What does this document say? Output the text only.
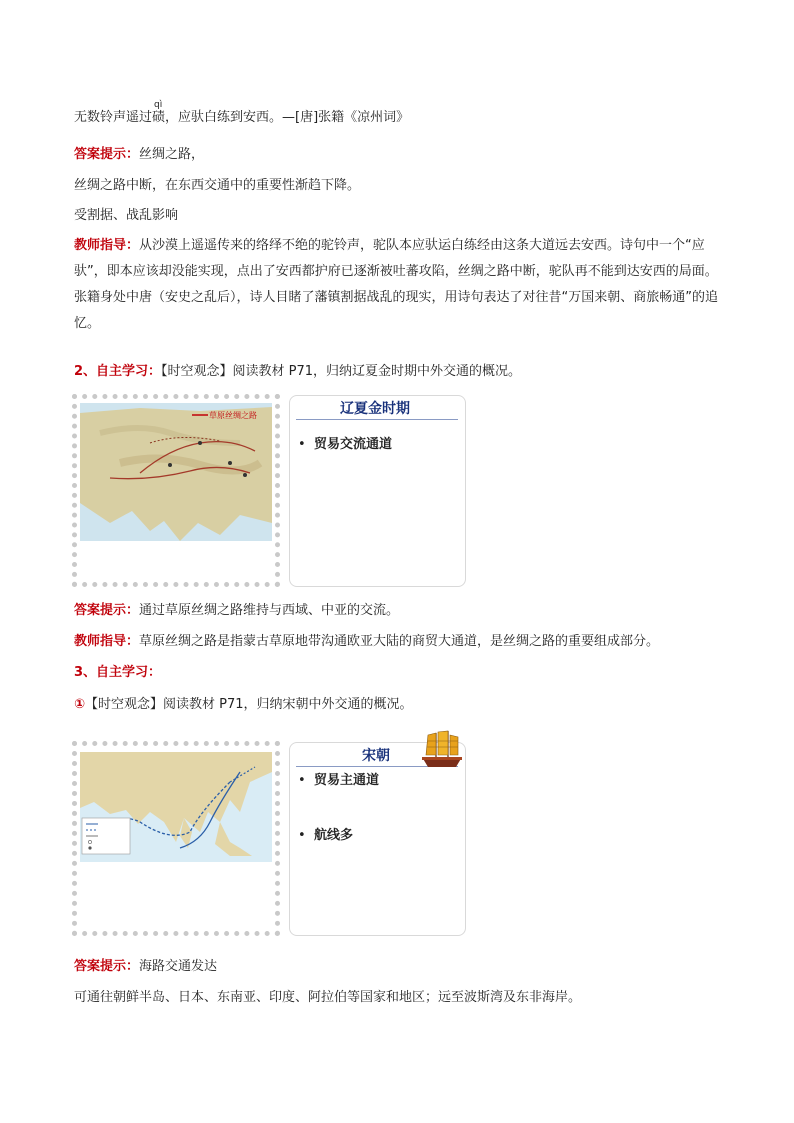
无数铃声遥过
qì
碛，应驮白练到安西。—[唐]张籍《凉州词》
答案提示：丝绸之路，
丝绸之路中断，在东西交通中的重要性渐趋下降。
受割据、战乱影响
教师指导：从沙漠上遥遥传来的络绎不绝的驼铃声，驼队本应驮运白练经由这条大道远去安西。诗句中一个“应驮”，即本应该却没能实现，点出了安西都护府已逐渐被吐蕃攻陷，丝绸之路中断，驼队再不能到达安西的局面。张籍身处中唐（安史之乱后），诗人目睹了藩镇割据战乱的现实，用诗句表达了对往昔“万国来朝、商旅畅通”的追忆。
2、自主学习：【时空观念】阅读教材 P71，归纳辽夏金时期中外交通的概况。
草原丝绸之路	辽夏金时期
• 贸易交流通道
答案提示：通过草原丝绸之路维持与西域、中亚的交流。
教师指导：草原丝绸之路是指蒙古草原地带沟通欧亚大陆的商贸大通道，是丝绸之路的重要组成部分。
3、自主学习：
①【时空观念】阅读教材 P71，归纳宋朝中外交通的概况。
宋朝
• 贸易主通道
• 航线多
答案提示：海路交通发达
可通往朝鲜半岛、日本、东南亚、印度、阿拉伯等国家和地区；远至波斯湾及东非海岸。
